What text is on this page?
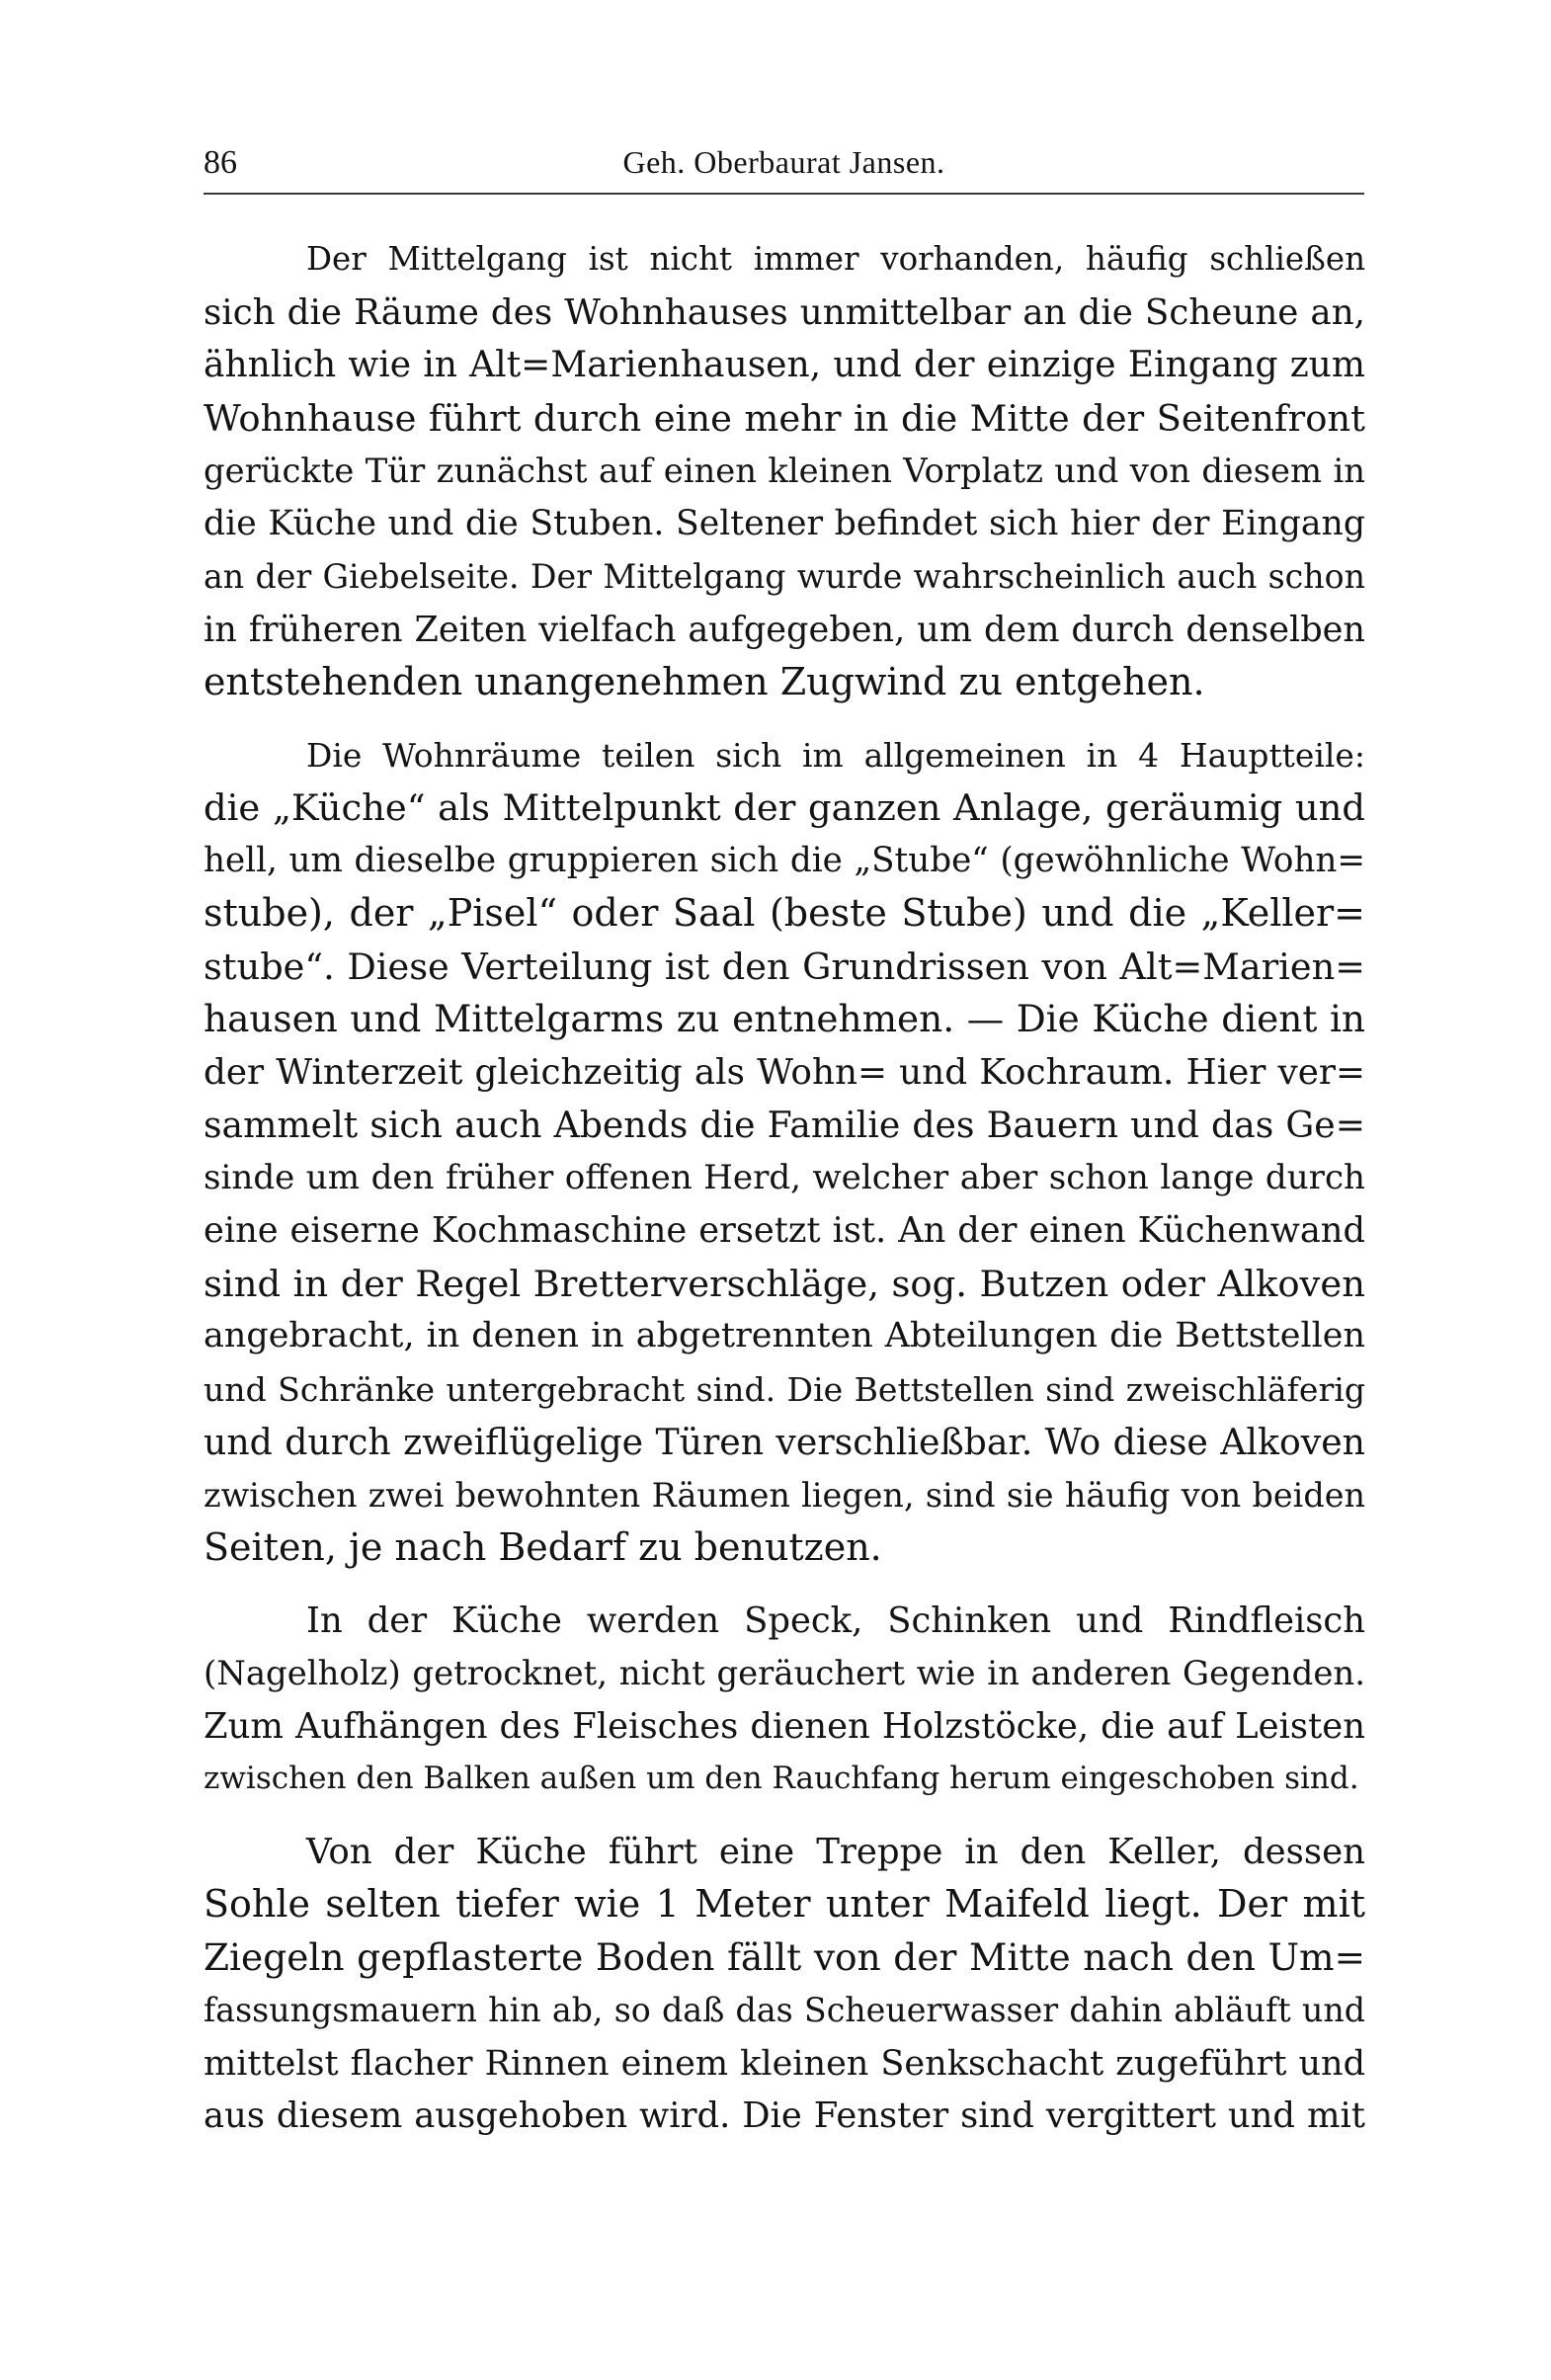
86	Geh. Oberbaurat Jansen.

Der Mittelgang ist nicht immer vorhanden, häufig schließen
sich die Räume des Wohnhauses unmittelbar an die Scheune an,
ähnlich wie in Alt=Marienhausen, und der einzige Eingang zum
Wohnhause führt durch eine mehr in die Mitte der Seitenfront
gerückte Tür zunächst auf einen kleinen Vorplatz und von diesem in
die Küche und die Stuben. Seltener befindet sich hier der Eingang
an der Giebelseite. Der Mittelgang wurde wahrscheinlich auch schon
in früheren Zeiten vielfach aufgegeben, um dem durch denselben
entstehenden unangenehmen Zugwind zu entgehen.

Die Wohnräume teilen sich im allgemeinen in 4 Hauptteile:
die „Küche“ als Mittelpunkt der ganzen Anlage, geräumig und
hell, um dieselbe gruppieren sich die „Stube“ (gewöhnliche Wohn=
stube), der „Pisel“ oder Saal (beste Stube) und die „Keller=
stube“. Diese Verteilung ist den Grundrissen von Alt=Marien=
hausen und Mittelgarms zu entnehmen. — Die Küche dient in
der Winterzeit gleichzeitig als Wohn= und Kochraum. Hier ver=
sammelt sich auch Abends die Familie des Bauern und das Ge=
sinde um den früher offenen Herd, welcher aber schon lange durch
eine eiserne Kochmaschine ersetzt ist. An der einen Küchenwand
sind in der Regel Bretterverschläge, sog. Butzen oder Alkoven
angebracht, in denen in abgetrennten Abteilungen die Bettstellen
und Schränke untergebracht sind. Die Bettstellen sind zweischläferig
und durch zweiflügelige Türen verschließbar. Wo diese Alkoven
zwischen zwei bewohnten Räumen liegen, sind sie häufig von beiden
Seiten, je nach Bedarf zu benutzen.

In der Küche werden Speck, Schinken und Rindfleisch
(Nagelholz) getrocknet, nicht geräuchert wie in anderen Gegenden.
Zum Aufhängen des Fleisches dienen Holzstöcke, die auf Leisten
zwischen den Balken außen um den Rauchfang herum eingeschoben sind.

Von der Küche führt eine Treppe in den Keller, dessen
Sohle selten tiefer wie 1 Meter unter Maifeld liegt. Der mit
Ziegeln gepflasterte Boden fällt von der Mitte nach den Um=
fassungsmauern hin ab, so daß das Scheuerwasser dahin abläuft und
mittelst flacher Rinnen einem kleinen Senkschacht zugeführt und
aus diesem ausgehoben wird. Die Fenster sind vergittert und mit
